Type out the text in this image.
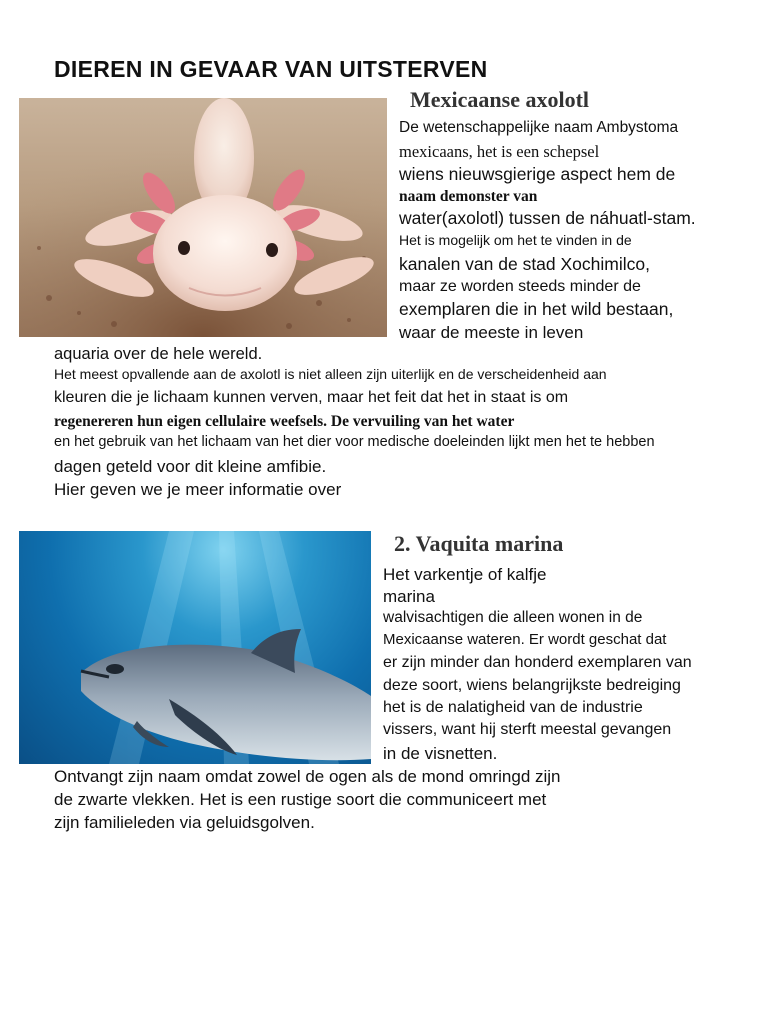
DIEREN IN GEVAAR VAN UITSTERVEN
Mexicaanse axolotl
De wetenschappelijke naam Ambystoma
mexicaans, het is een schepsel
wiens nieuwsgierige aspect hem de
naam demonster van
water(axolotl) tussen de náhuatl-stam.
Het is mogelijk om het te vinden in de
kanalen van de stad Xochimilco,
maar ze worden steeds minder de
exemplaren die in het wild bestaan,
waar de meeste in leven
aquaria over de hele wereld.
Het meest opvallende aan de axolotl is niet alleen zijn uiterlijk en de verscheidenheid aan
kleuren die je lichaam kunnen verven, maar het feit dat het in staat is om
regenereren hun eigen cellulaire weefsels. De vervuiling van het water
en het gebruik van het lichaam van het dier voor medische doeleinden lijkt men het te hebben
dagen geteld voor dit kleine amfibie.
Hier geven we je meer informatie over
2. Vaquita marina
Het varkentje of kalfje
marina
walvisachtigen die alleen wonen in de
Mexicaanse wateren. Er wordt geschat dat
er zijn minder dan honderd exemplaren van
deze soort, wiens belangrijkste bedreiging
het is de nalatigheid van de industrie
vissers, want hij sterft meestal gevangen
in de visnetten.
Ontvangt zijn naam omdat zowel de ogen als de mond omringd zijn
de zwarte vlekken. Het is een rustige soort die communiceert met
zijn familieleden via geluidsgolven.
